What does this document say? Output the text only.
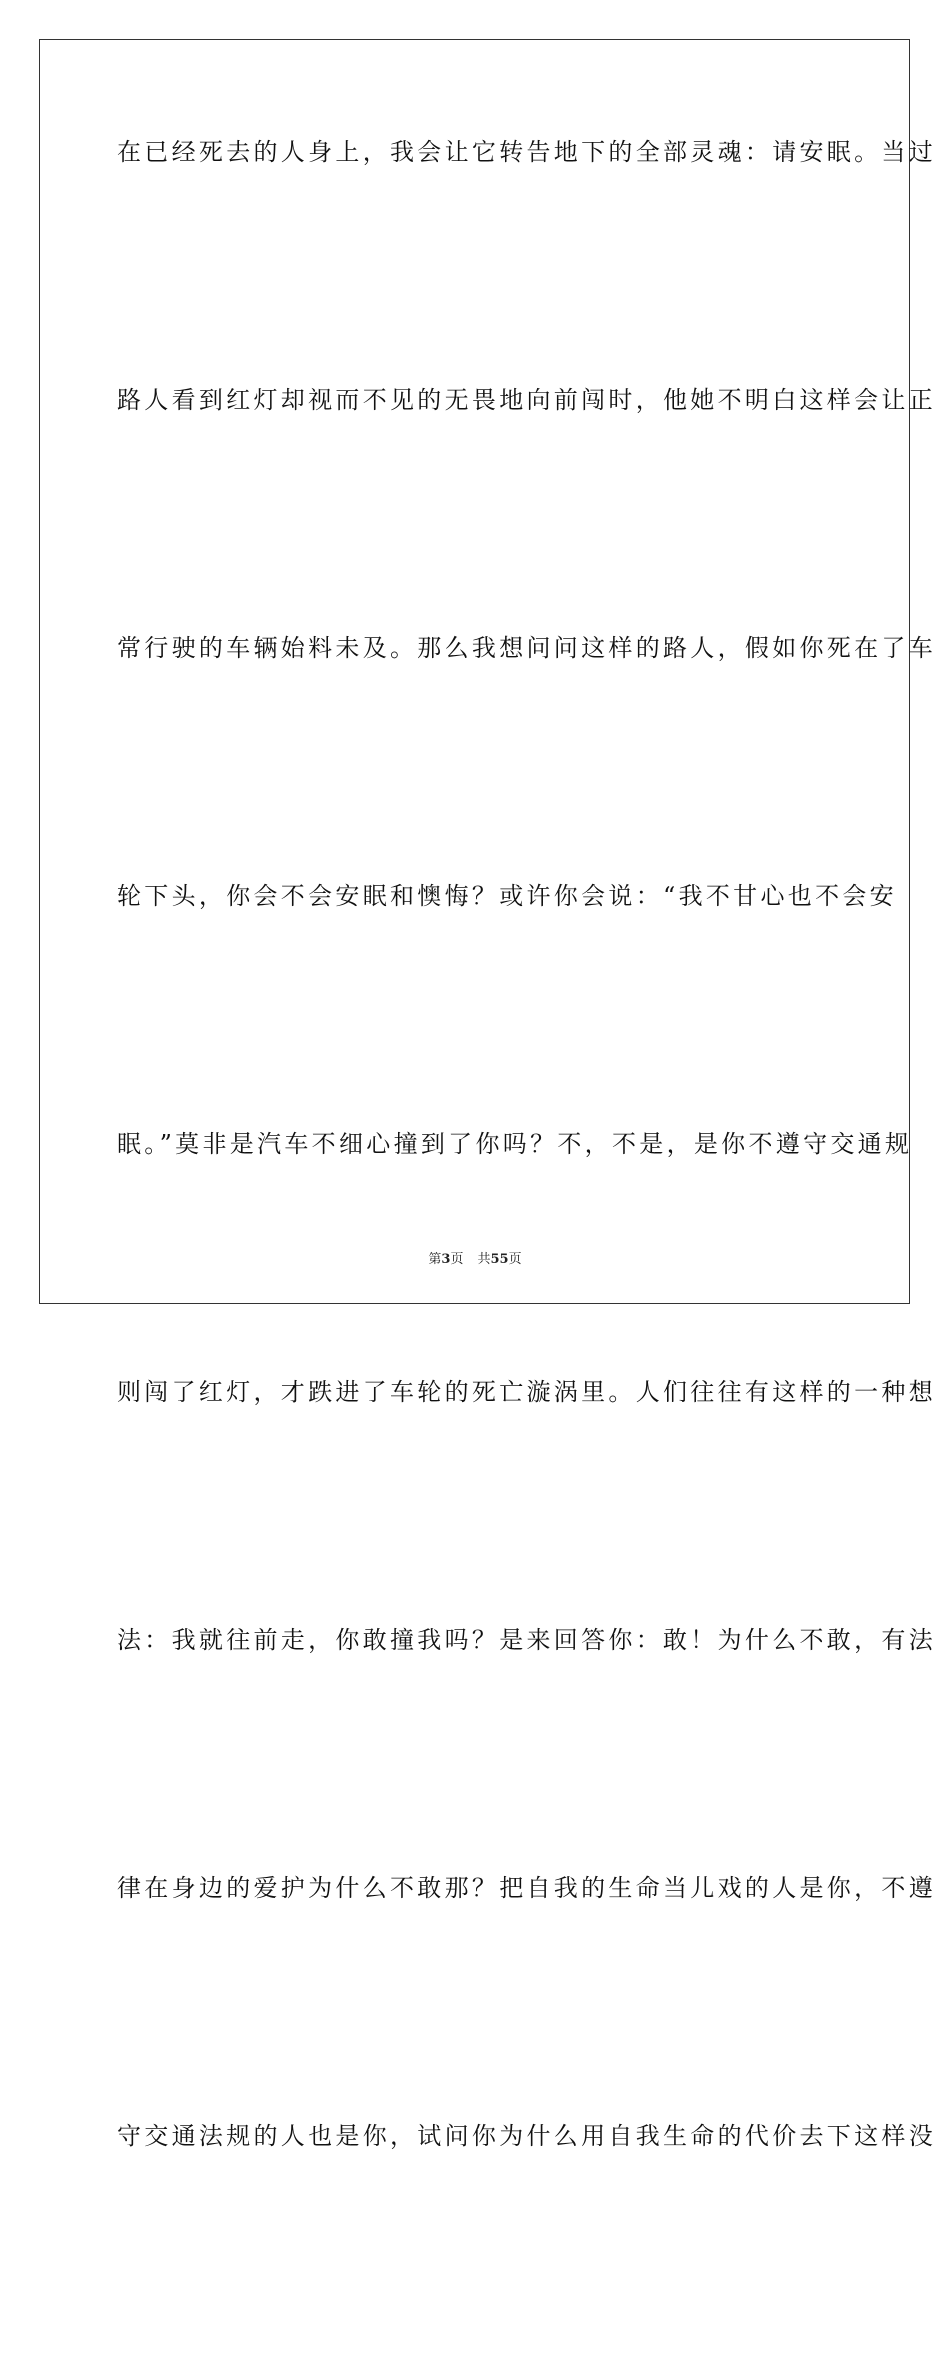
在已经死去的人身上，我会让它转告地下的全部灵魂：请安眠。当过
路人看到红灯却视而不见的无畏地向前闯时，他她不明白这样会让正
常行驶的车辆始料未及。那么我想问问这样的路人，假如你死在了车
轮下头，你会不会安眠和懊悔？或许你会说：“我不甘心也不会安
眠。”莫非是汽车不细心撞到了你吗？不，不是，是你不遵守交通规
则闯了红灯，才跌进了车轮的死亡漩涡里。人们往往有这样的一种想
法：我就往前走，你敢撞我吗？是来回答你：敢！为什么不敢，有法
律在身边的爱护为什么不敢那？把自我的生命当儿戏的人是你，不遵
守交通法规的人也是你，试问你为什么用自我生命的代价去下这样没
第3页 共55页
